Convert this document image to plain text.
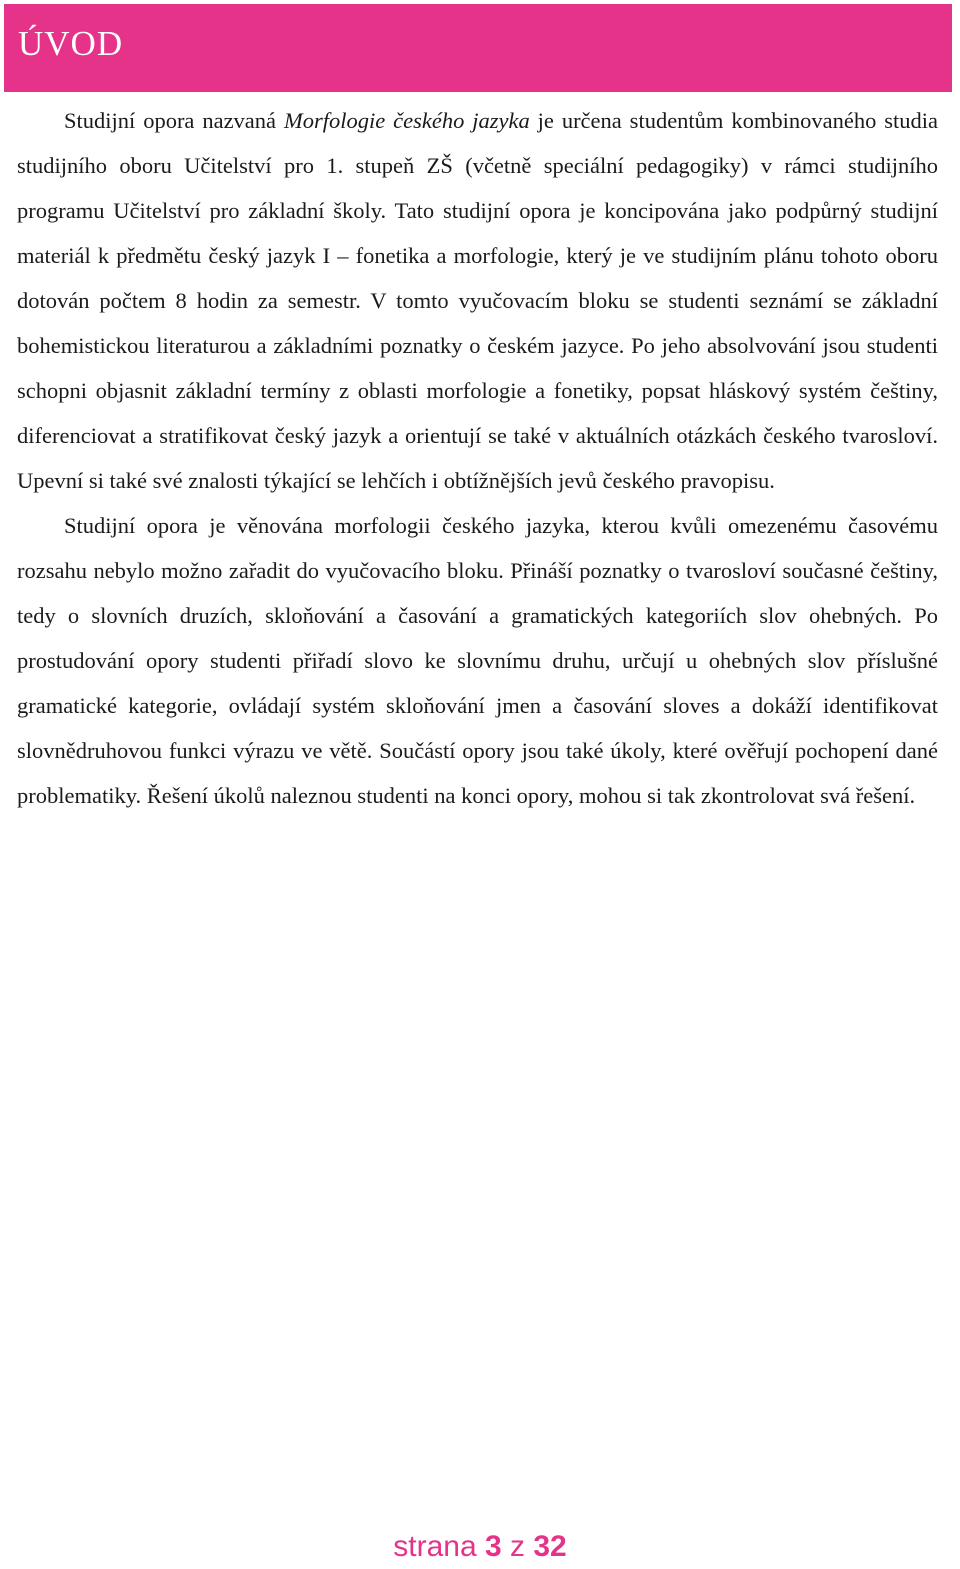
ÚVOD

Studijní opora nazvaná Morfologie českého jazyka je určena studentům kombinovaného studia studijního oboru Učitelství pro 1. stupeň ZŠ (včetně speciální pedagogiky) v rámci studijního programu Učitelství pro základní školy. Tato studijní opora je koncipována jako podpůrný studijní materiál k předmětu český jazyk I – fonetika a morfologie, který je ve studijním plánu tohoto oboru dotován počtem 8 hodin za semestr. V tomto vyučovacím bloku se studenti seznámí se základní bohemistickou literaturou a základními poznatky o českém jazyce. Po jeho absolvování jsou studenti schopni objasnit základní termíny z oblasti morfologie a fonetiky, popsat hláskový systém češtiny, diferenciovat a stratifikovat český jazyk a orientují se také v aktuálních otázkách českého tvarosloví. Upevní si také své znalosti týkající se lehčích i obtížnějších jevů českého pravopisu.

Studijní opora je věnována morfologii českého jazyka, kterou kvůli omezenému časovému rozsahu nebylo možno zařadit do vyučovacího bloku. Přináší poznatky o tvarosloví současné češtiny, tedy o slovních druzích, skloňování a časování a gramatických kategoriích slov ohebných. Po prostudování opory studenti přiřadí slovo ke slovnímu druhu, určují u ohebných slov příslušné gramatické kategorie, ovládají systém skloňování jmen a časování sloves a dokáží identifikovat slovnědruhovou funkci výrazu ve větě. Součástí opory jsou také úkoly, které ověřují pochopení dané problematiky. Řešení úkolů naleznou studenti na konci opory, mohou si tak zkontrolovat svá řešení.

strana 3 z 32
